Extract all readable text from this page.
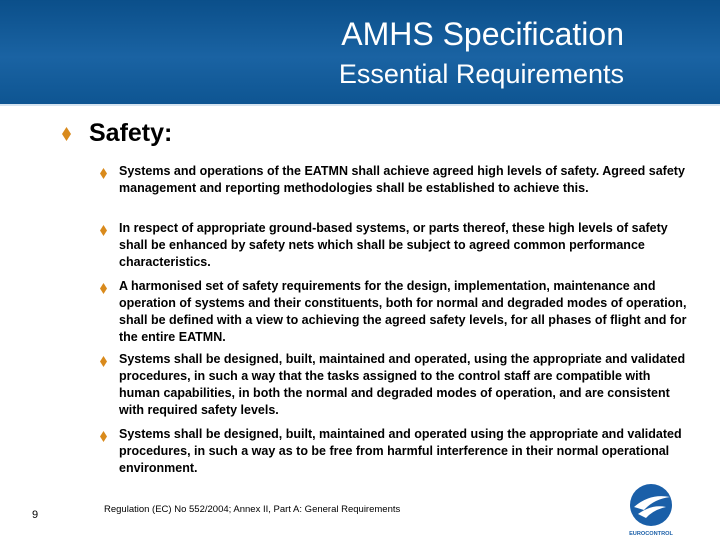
AMHS Specification
Essential Requirements
Safety:
Systems and operations of the EATMN shall achieve agreed high levels of safety. Agreed safety management and reporting methodologies shall be established to achieve this.
In respect of appropriate ground-based systems, or parts thereof, these high levels of safety shall be enhanced by safety nets which shall be subject to agreed common performance characteristics.
A harmonised set of safety requirements for the design, implementation, maintenance and operation of systems and their constituents, both for normal and degraded modes of operation, shall be defined with a view to achieving the agreed safety levels, for all phases of flight and for the entire EATMN.
Systems shall be designed, built, maintained and operated, using the appropriate and validated procedures, in such a way that the tasks assigned to the control staff are compatible with human capabilities, in both the normal and degraded modes of operation, and are consistent with required safety levels.
Systems shall be designed, built, maintained and operated using the appropriate and validated procedures, in such a way as to be free from harmful interference in their normal operational environment.
9	Regulation (EC) No 552/2004; Annex II, Part A: General Requirements
EUROCONTROL
